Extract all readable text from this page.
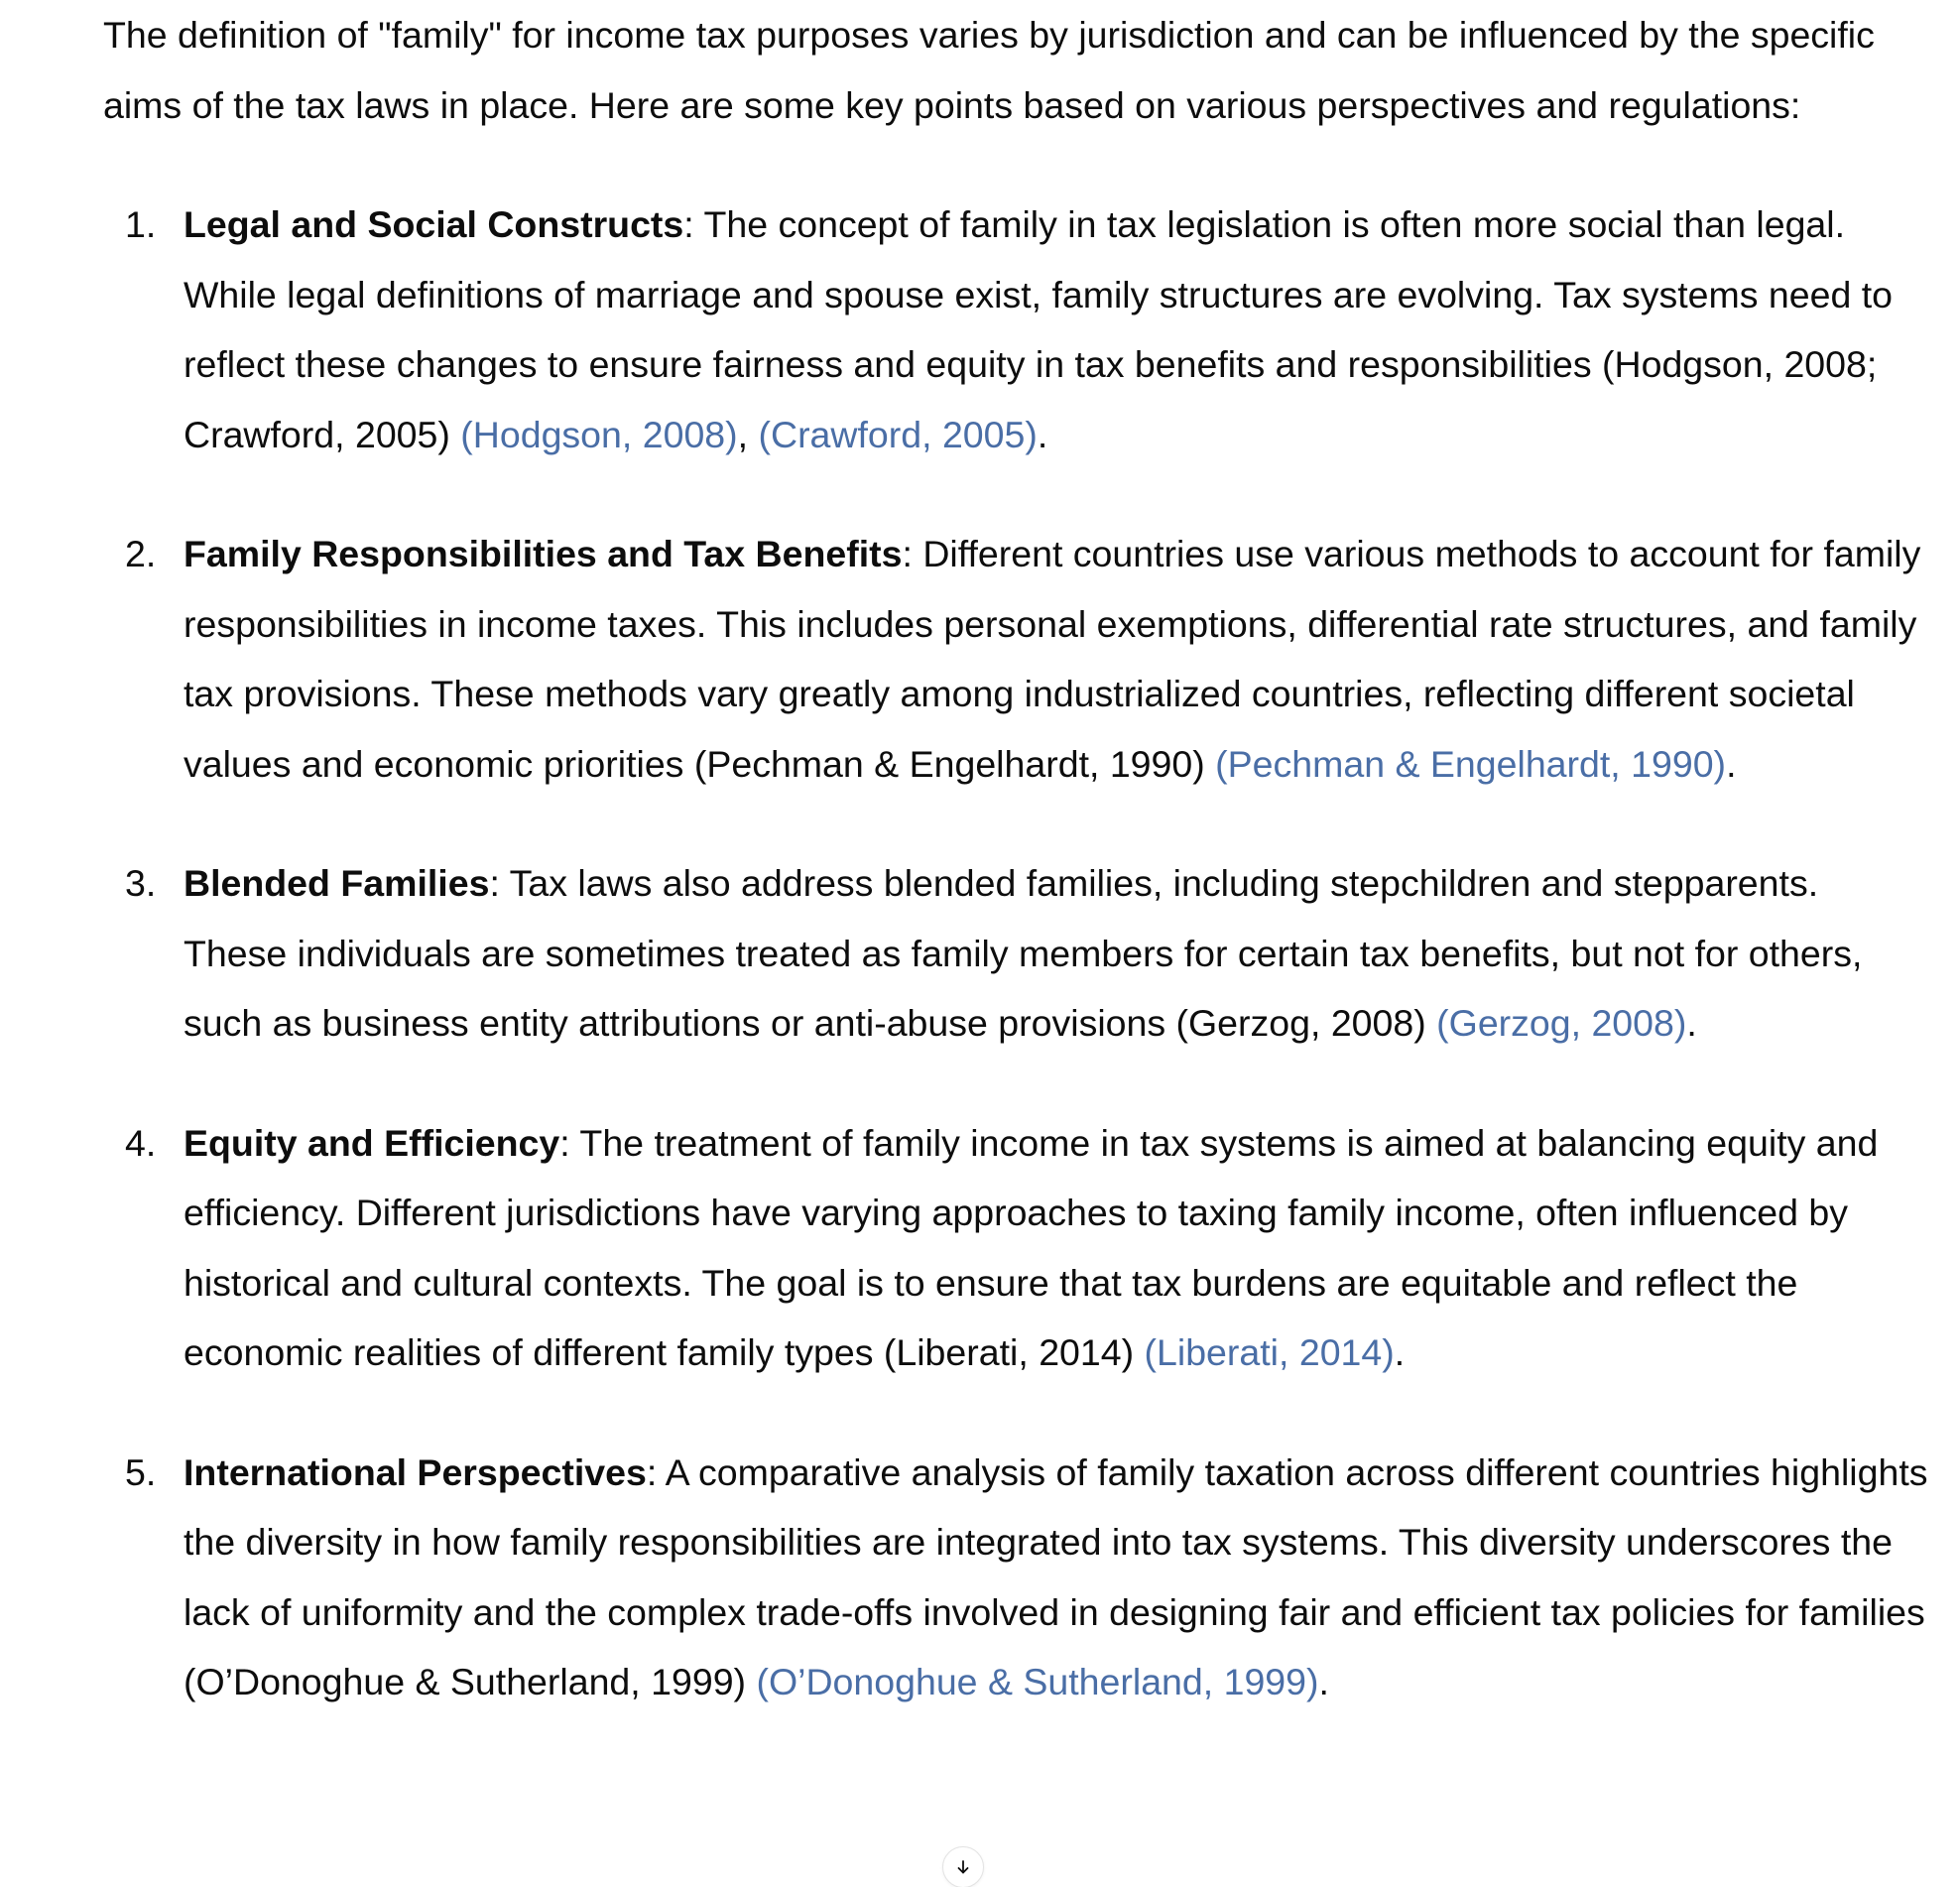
The definition of "family" for income tax purposes varies by jurisdiction and can be influenced by the specific aims of the tax laws in place. Here are some key points based on various perspectives and regulations:

1. Legal and Social Constructs: The concept of family in tax legislation is often more social than legal. While legal definitions of marriage and spouse exist, family structures are evolving. Tax systems need to reflect these changes to ensure fairness and equity in tax benefits and responsibilities (Hodgson, 2008; Crawford, 2005) (Hodgson, 2008), (Crawford, 2005).
2. Family Responsibilities and Tax Benefits: Different countries use various methods to account for family responsibilities in income taxes. This includes personal exemptions, differential rate structures, and family tax provisions. These methods vary greatly among industrialized countries, reflecting different societal values and economic priorities (Pechman & Engelhardt, 1990) (Pechman & Engelhardt, 1990).
3. Blended Families: Tax laws also address blended families, including stepchildren and stepparents. These individuals are sometimes treated as family members for certain tax benefits, but not for others, such as business entity attributions or anti-abuse provisions (Gerzog, 2008) (Gerzog, 2008).
4. Equity and Efficiency: The treatment of family income in tax systems is aimed at balancing equity and efficiency. Different jurisdictions have varying approaches to taxing family income, often influenced by historical and cultural contexts. The goal is to ensure that tax burdens are equitable and reflect the economic realities of different family types (Liberati, 2014) (Liberati, 2014).
5. International Perspectives: A comparative analysis of family taxation across different countries highlights the diversity in how family responsibilities are integrated into tax systems. This diversity underscores the lack of uniformity and the complex trade-offs involved in designing fair and efficient tax policies for families (O’Donoghue & Sutherland, 1999) (O’Donoghue & Sutherland, 1999).
